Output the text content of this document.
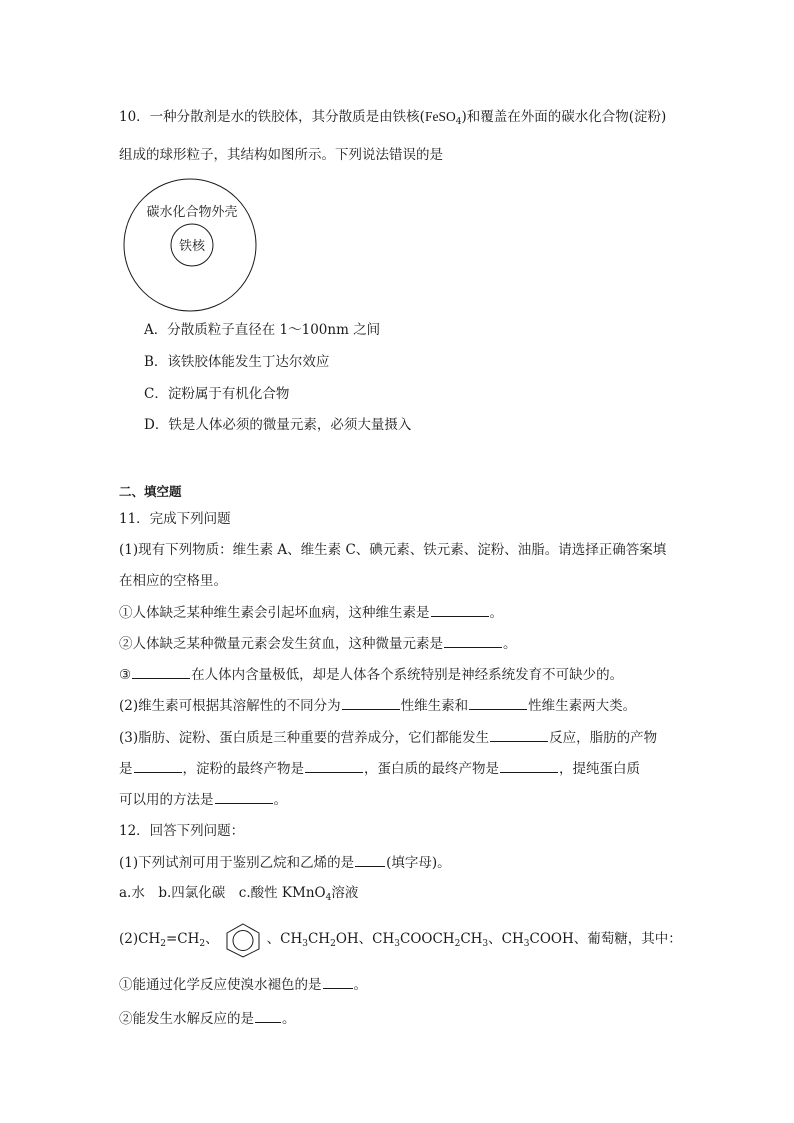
10．一种分散剂是水的铁胶体，其分散质是由铁核(FeSO$_4$)和覆盖在外面的碳水化合物(淀粉)
组成的球形粒子，其结构如图所示。下列说法错误的是
碳水化合物外壳
铁核
A．分散质粒子直径在 1～100nm 之间
B．该铁胶体能发生丁达尔效应
C．淀粉属于有机化合物
D．铁是人体必须的微量元素，必须大量摄入
二、填空题
11．完成下列问题
(1)现有下列物质：维生素 A、维生素 C、碘元素、铁元素、淀粉、油脂。请选择正确答案填
在相应的空格里。
①人体缺乏某种维生素会引起坏血病，这种维生素是	。
②人体缺乏某种微量元素会发生贫血，这种微量元素是	。
③	在人体内含量极低，却是人体各个系统特别是神经系统发育不可缺少的。
(2)维生素可根据其溶解性的不同分为	性维生素和	性维生素两大类。
(3)脂肪、淀粉、蛋白质是三种重要的营养成分，它们都能发生	反应，脂肪的产物
是	，淀粉的最终产物是	，蛋白质的最终产物是	，提纯蛋白质
可以用的方法是	。
12．回答下列问题：
(1)下列试剂可用于鉴别乙烷和乙烯的是 (填字母)。
a.水　b.四氯化碳　c.酸性 KMnO$_4$溶液
$(2)CH_2=CH_2$、	、$CH_3CH_2OH$、$CH_3COOCH_2CH_3$、$CH_3COOH$、葡萄糖，其中：
①能通过化学反应使溴水褪色的是 。
②能发生水解反应的是 。
